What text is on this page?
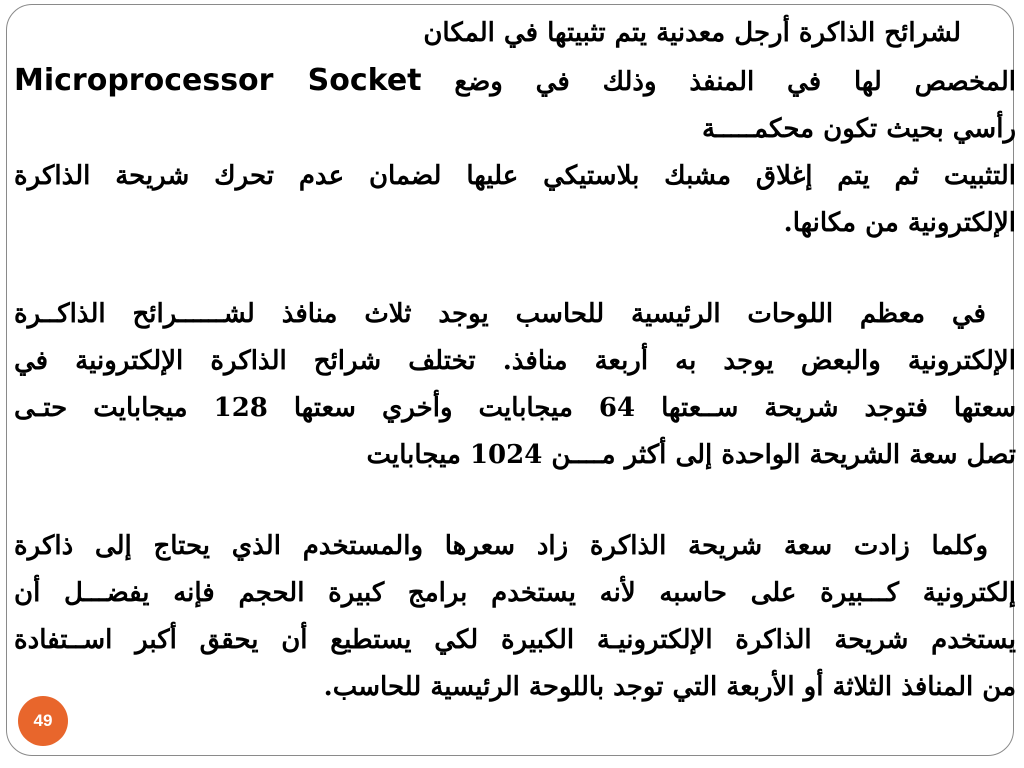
لشرائح الذاكرة أرجل معدنية يتم تثبيتها في المكان
المخصص لها في المنفذ وذلك في وضع Microprocessor Socket
رأسي بحيث تكون محكمـــــة
التثبيت ثم يتم إغلاق مشبك بلاستيكي عليها لضمان عدم تحرك شريحة الذاكرة
الإلكترونية من مكانها.
في معظم اللوحات الرئيسية للحاسب يوجد ثلاث منافذ لشــــــرائح الذاكــرة
الإلكترونية والبعض يوجد به أربعة منافذ. تختلف شرائح الذاكرة الإلكترونية في
سعتها فتوجد شريحة ســعتها 64 ميجابايت وأخري سعتها 128 ميجابايت حتـى
تصل سعة الشريحة الواحدة إلى أكثر مــــن 1024 ميجابايت
وكلما زادت سعة شريحة الذاكرة زاد سعرها والمستخدم الذي يحتاج إلى ذاكرة
إلكترونية كـــبيرة على حاسبه لأنه يستخدم برامج كبيرة الحجم فإنه يفضـــل أن
يستخدم شريحة الذاكرة الإلكترونيـة الكبيرة لكي يستطيع أن يحقق أكبر اســتفادة
من المنافذ الثلاثة أو الأربعة التي توجد باللوحة الرئيسية للحاسب.
49
